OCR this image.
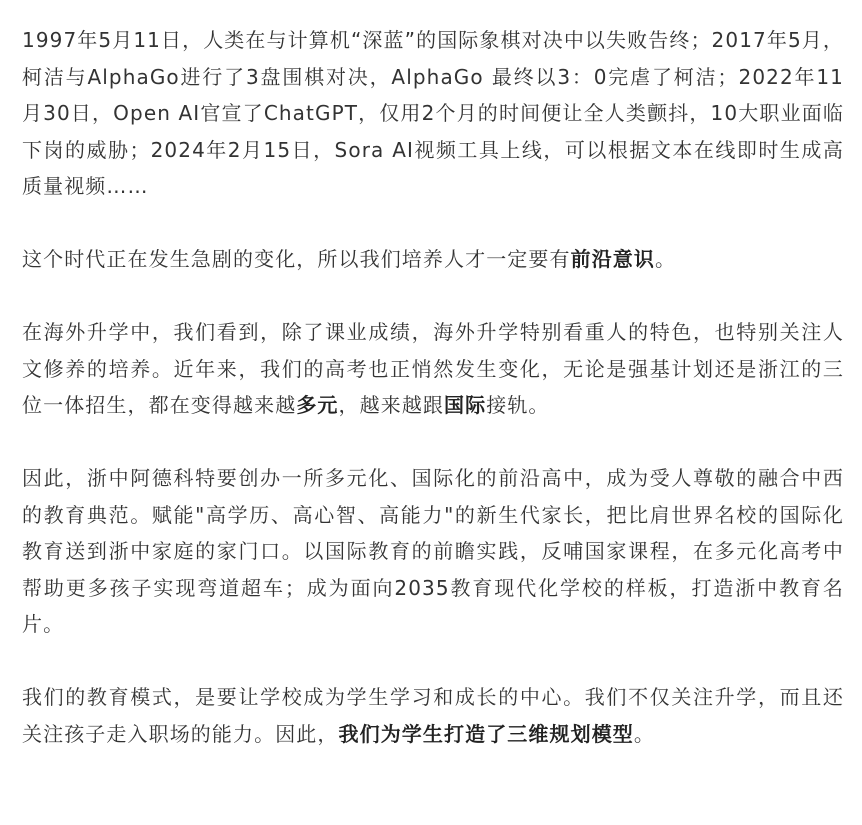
1997年5月11日，人类在与计算机“深蓝”的国际象棋对决中以失败告终；2017年5月，柯洁与AlphaGo进行了3盘围棋对决，AlphaGo 最终以3：0完虐了柯洁；2022年11月30日，Open AI官宣了ChatGPT，仅用2个月的时间便让全人类颤抖，10大职业面临下岗的威胁；2024年2月15日，Sora AI视频工具上线，可以根据文本在线即时生成高质量视频……

这个时代正在发生急剧的变化，所以我们培养人才一定要有前沿意识。

在海外升学中，我们看到，除了课业成绩，海外升学特别看重人的特色，也特别关注人文修养的培养。近年来，我们的高考也正悄然发生变化，无论是强基计划还是浙江的三位一体招生，都在变得越来越多元，越来越跟国际接轨。

因此，浙中阿德科特要创办一所多元化、国际化的前沿高中，成为受人尊敬的融合中西的教育典范。赋能"高学历、高心智、高能力"的新生代家长，把比肩世界名校的国际化教育送到浙中家庭的家门口。以国际教育的前瞻实践，反哺国家课程，在多元化高考中帮助更多孩子实现弯道超车；成为面向2035教育现代化学校的样板，打造浙中教育名片。

我们的教育模式，是要让学校成为学生学习和成长的中心。我们不仅关注升学，而且还关注孩子走入职场的能力。因此，我们为学生打造了三维规划模型。
